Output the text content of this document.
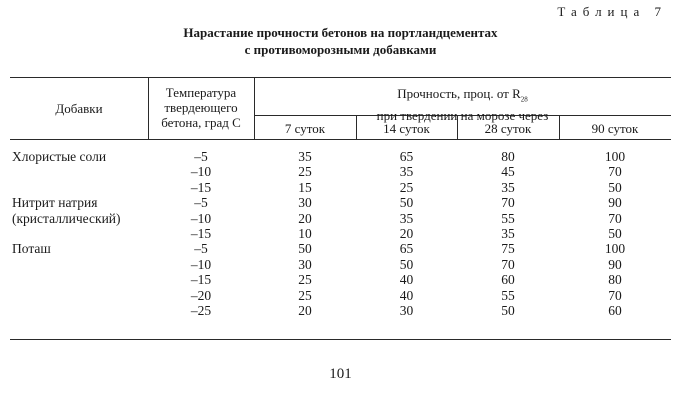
Таблица 7
Нарастание прочности бетонов на портландцементах
с противоморозными добавками
Добавки
Температура
твердеющего
бетона, град С
Прочность, проц. от $R_{28}$
при твердении на морозе через
7 суток	14 суток	28 суток	90 суток
Хлористые соли	–5	35	65	80	100
–10	25	35	45	70
–15	15	25	35	50
Нитрит натрия	–5	30	50	70	90
(кристаллический)	–10	20	35	55	70
–15	10	20	35	50
Поташ	–5	50	65	75	100
–10	30	50	70	90
–15	25	40	60	80
–20	25	40	55	70
–25	20	30	50	60
101
